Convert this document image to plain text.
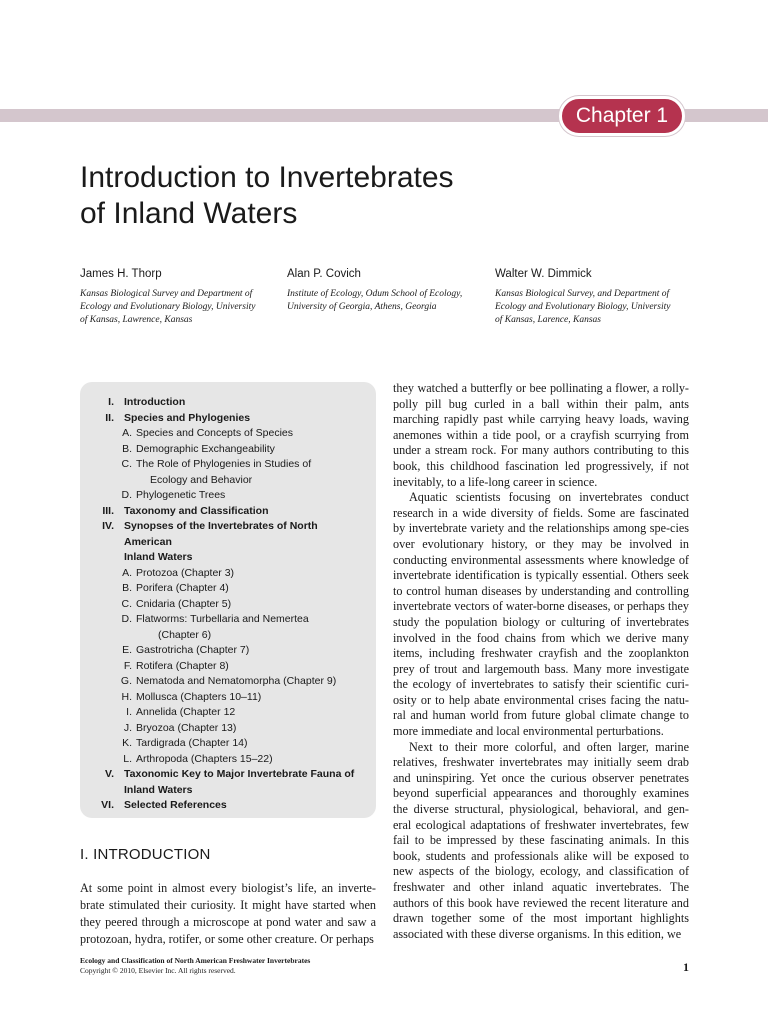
Chapter 1
Introduction to Invertebrates
of Inland Waters
James H. Thorp
Kansas Biological Survey and Department of
Ecology and Evolutionary Biology, University
of Kansas, Lawrence, Kansas
Alan P. Covich
Institute of Ecology, Odum School of Ecology,
University of Georgia, Athens, Georgia
Walter W. Dimmick
Kansas Biological Survey, and Department of
Ecology and Evolutionary Biology, University
of Kansas, Larence, Kansas
I. Introduction
II. Species and Phylogenies
A. Species and Concepts of Species
B. Demographic Exchangeability
C. The Role of Phylogenies in Studies of
Ecology and Behavior
D. Phylogenetic Trees
III. Taxonomy and Classification
IV. Synopses of the Invertebrates of North American
Inland Waters
A. Protozoa (Chapter 3)
B. Porifera (Chapter 4)
C. Cnidaria (Chapter 5)
D. Flatworms: Turbellaria and Nemertea
(Chapter 6)
E. Gastrotricha (Chapter 7)
F. Rotifera (Chapter 8)
G. Nematoda and Nematomorpha (Chapter 9)
H. Mollusca (Chapters 10–11)
I. Annelida (Chapter 12
J. Bryozoa (Chapter 13)
K. Tardigrada (Chapter 14)
L. Arthropoda (Chapters 15–22)
V. Taxonomic Key to Major Invertebrate Fauna of
Inland Waters
VI. Selected References
I. INTRODUCTION
At some point in almost every biologist’s life, an inverte-brate stimulated their curiosity. It might have started when they peered through a microscope at pond water and saw a protozoan, hydra, rotifer, or some other creature. Or perhaps

they watched a butterfly or bee pollinating a flower, a rolly-polly pill bug curled in a ball within their palm, ants marching rapidly past while carrying heavy loads, waving anemones within a tide pool, or a crayfish scurrying from under a stream rock. For many authors contributing to this book, this childhood fascination led progressively, if not inevitably, to a life-long career in science.

Aquatic scientists focusing on invertebrates conduct research in a wide diversity of fields. Some are fascinated by invertebrate variety and the relationships among spe-cies over evolutionary history, or they may be involved in conducting environmental assessments where knowledge of invertebrate identification is typically essential. Others seek to control human diseases by understanding and controlling invertebrate vectors of water-borne diseases, or perhaps they study the population biology or culturing of invertebrates involved in the food chains from which we derive many items, including freshwater crayfish and the zooplankton prey of trout and largemouth bass. Many more investigate the ecology of invertebrates to satisfy their scientific curi-osity or to help abate environmental crises facing the natu-ral and human world from future global climate change to more immediate and local environmental perturbations.

Next to their more colorful, and often larger, marine relatives, freshwater invertebrates may initially seem drab and uninspiring. Yet once the curious observer penetrates beyond superficial appearances and thoroughly examines the diverse structural, physiological, behavioral, and gen-eral ecological adaptations of freshwater invertebrates, few fail to be impressed by these fascinating animals. In this book, students and professionals alike will be exposed to new aspects of the biology, ecology, and classification of freshwater and other inland aquatic invertebrates. The authors of this book have reviewed the recent literature and drawn together some of the most important highlights associated with these diverse organisms. In this edition, we

Ecology and Classification of North American Freshwater Invertebrates
Copyright © 2010, Elsevier Inc. All rights reserved.	1
